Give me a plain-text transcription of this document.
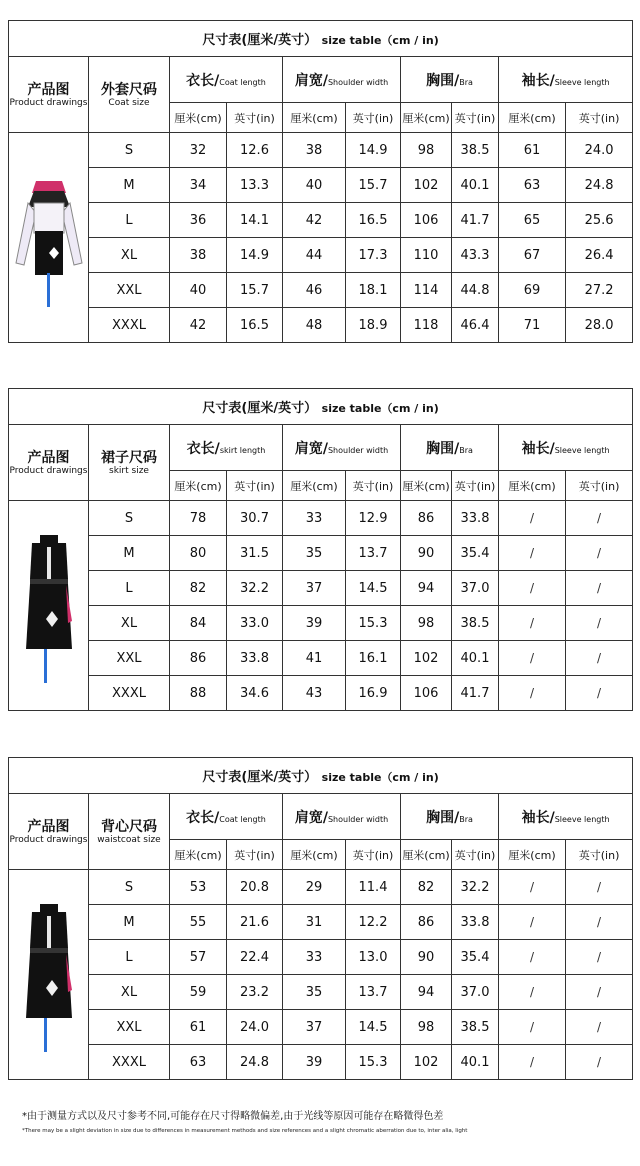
尺寸表(厘米/英寸） size table（cm / in)									

产品图
Product drawings	外套尺码
Coat size	衣长/Coat length		肩宽/Shoulder width		胸围/Bra		袖长/Sleeve length	
		厘米(cm)	英寸(in)	厘米(cm)	英寸(in)	厘米(cm)	英寸(in)	厘米(cm)	英寸(in)

	S	32	12.6	38	14.9	98	38.5	61	24.0
	M	34	13.3	40	15.7	102	40.1	63	24.8
	L	36	14.1	42	16.5	106	41.7	65	25.6
	XL	38	14.9	44	17.3	110	43.3	67	26.4
	XXL	40	15.7	46	18.1	114	44.8	69	27.2
	XXXL	42	16.5	48	18.9	118	46.4	71	28.0
尺寸表(厘米/英寸） size table（cm / in)									

产品图
Product drawings	裙子尺码
skirt size	衣长/skirt length		肩宽/Shoulder width		胸围/Bra		袖长/Sleeve length	
		厘米(cm)	英寸(in)	厘米(cm)	英寸(in)	厘米(cm)	英寸(in)	厘米(cm)	英寸(in)

	S	78	30.7	33	12.9	86	33.8	/	/
	M	80	31.5	35	13.7	90	35.4	/	/
	L	82	32.2	37	14.5	94	37.0	/	/
	XL	84	33.0	39	15.3	98	38.5	/	/
	XXL	86	33.8	41	16.1	102	40.1	/	/
	XXXL	88	34.6	43	16.9	106	41.7	/	/
尺寸表(厘米/英寸） size table（cm / in)									

产品图
Product drawings	背心尺码
waistcoat size	衣长/Coat length		肩宽/Shoulder width		胸围/Bra		袖长/Sleeve length	
		厘米(cm)	英寸(in)	厘米(cm)	英寸(in)	厘米(cm)	英寸(in)	厘米(cm)	英寸(in)

	S	53	20.8	29	11.4	82	32.2	/	/
	M	55	21.6	31	12.2	86	33.8	/	/
	L	57	22.4	33	13.0	90	35.4	/	/
	XL	59	23.2	35	13.7	94	37.0	/	/
	XXL	61	24.0	37	14.5	98	38.5	/	/
	XXXL	63	24.8	39	15.3	102	40.1	/	/
*由于测量方式以及尺寸参考不同,可能存在尺寸得略微偏差,由于光线等原因可能存在略微得色差
*There may be a slight deviation in size due to differences in measurement methods and size references and a slight chromatic aberration due to, inter alia, light
